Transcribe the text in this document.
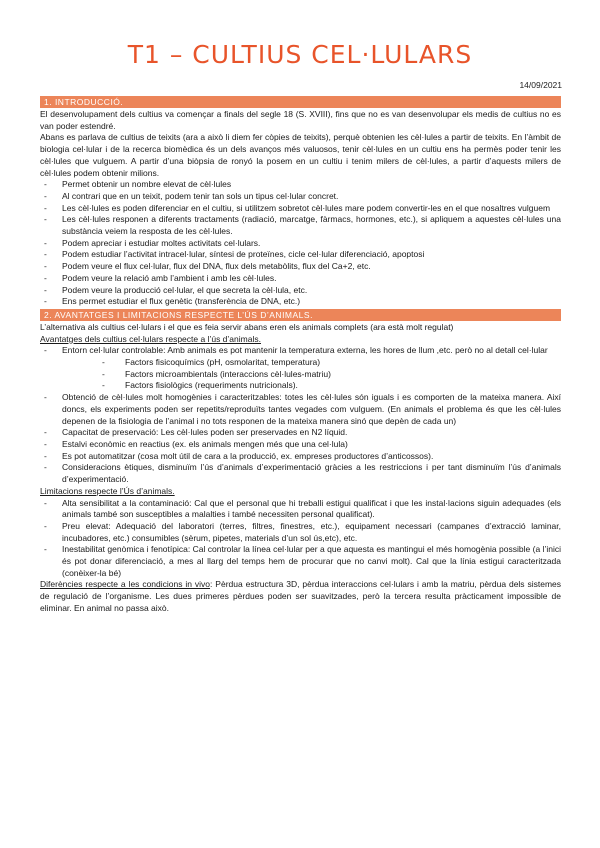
T1 – CULTIUS CEL·LULARS
14/09/2021
1. INTRODUCCIÓ.

El desenvolupament dels cultius va començar a finals del segle 18 (S. XVIII), fins que no es van desenvolupar els medis de cultius no es van poder estendré.

Abans es parlava de cultius de teixits (ara a això li diem fer còpies de teixits), perquè obtenien les cèl·lules a partir de teixits. En l’àmbit de biologia cel·lular i de la recerca biomèdica és un dels avanços més valuosos, tenir cèl·lules en un cultiu ens ha permès poder tenir les cèl·lules que vulguem. A partir d’una biòpsia de ronyó la posem en un cultiu i tenim milers de cèl·lules, a partir d’aquests milers de cèl·lules podem obtenir milions.

- Permet obtenir un nombre elevat de cèl·lules
- Al contrari que en un teixit, podem tenir tan sols un tipus cel·lular concret.
- Les cèl·lules es poden diferenciar en el cultiu, si utilitzem sobretot cèl·lules mare podem convertir-les en el que nosaltres vulguem
- Les cèl·lules responen a diferents tractaments (radiació, marcatge, fàrmacs, hormones, etc.), si apliquem a aquestes cèl·lules una substància veiem la resposta de les cèl·lules.
- Podem apreciar i estudiar moltes activitats cel·lulars.
- Podem estudiar l’activitat intracel·lular, síntesi de proteïnes, cicle cel·lular diferenciació, apoptosi
- Podem veure el flux cel·lular, flux del DNA, flux dels metabòlits, flux del Ca+2, etc.
- Podem veure la relació amb l’ambient i amb les cèl·lules.
- Podem veure la producció cel·lular, el que secreta la cèl·lula, etc.
- Ens permet estudiar el flux genètic (transferència de DNA, etc.)
2. AVANTATGES I LIMITACIONS RESPECTE L’ÚS D’ANIMALS.

L’alternativa als cultius cel·lulars i el que es feia servir abans eren els animals complets (ara està molt regulat)

Avantatges dels cultius cel·lulars respecte a l’ús d’animals.

- Entorn cel·lular controlable: Amb animals es pot mantenir la temperatura externa, les hores de llum ,etc. però no al detall cel·lular
- Factors fisicoquímics (pH, osmolaritat, temperatura)
- Factors microambientals (interaccions cèl·lules-matriu)
- Factors fisiològics (requeriments nutricionals).
- Obtenció de cèl·lules molt homogènies i caracteritzables: totes les cèl·lules són iguals i es comporten de la mateixa manera. Així doncs, els experiments poden ser repetits/reproduïts tantes vegades com vulguem. (En animals el problema és que les cèl·lules depenen de la fisiologia de l’animal i no tots responen de la mateixa manera sinó que depèn de cada un)
- Capacitat de preservació: Les cèl·lules poden ser preservades en N2 líquid.
- Estalvi econòmic en reactius (ex. els animals mengen més que una cel·lula)
- Es pot automatitzar (cosa molt útil de cara a la producció, ex. empreses productores d’anticossos).
- Consideracions ètiques, disminuïm l’ús d’animals d’experimentació gràcies a les restriccions i per tant disminuïm l’ús d’animals d’experimentació.

Limitacions respecte l’Ús d’animals.

- Alta sensibilitat a la contaminació: Cal que el personal que hi treballi estigui qualificat i que les instal·lacions siguin adequades (els animals també son susceptibles a malalties i també necessiten personal qualificat).
- Preu elevat: Adequació del laboratori (terres, filtres, finestres, etc.), equipament necessari (campanes d’extracció laminar, incubadores, etc.) consumibles (sèrum, pipetes, materials d’un sol ús,etc), etc.
- Inestabilitat genòmica i fenotípica: Cal controlar la línea cel·lular per a que aquesta es mantingui el més homogènia possible (a l’inici és pot donar diferenciació, a mes al llarg del temps hem de procurar que no canvi molt). Cal que la línia estigui caracteritzada (conèixer-la bé)

Diferències respecte a les condicions in vivo: Pèrdua estructura 3D, pèrdua interaccions cel·lulars i amb la matriu, pèrdua dels sistemes de regulació de l’organisme. Les dues primeres pèrdues poden ser suavitzades, però la tercera resulta pràcticament impossible de eliminar. En animal no passa això.
